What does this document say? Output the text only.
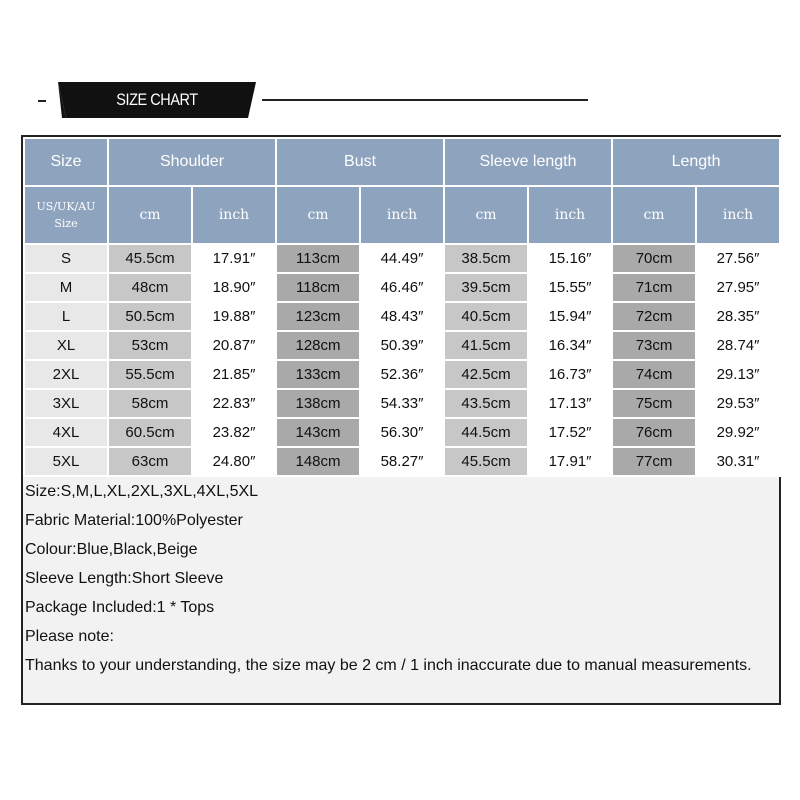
SIZE CHART
Size	Shoulder		Bust		Sleeve length		Length	

US/UK/AU
Size	cm	inch	cm	inch	cm	inch	cm	inch
S	45.5cm	17.91″	113cm	44.49″	38.5cm	15.16″	70cm	27.56″
M	48cm	18.90″	118cm	46.46″	39.5cm	15.55″	71cm	27.95″
L	50.5cm	19.88″	123cm	48.43″	40.5cm	15.94″	72cm	28.35″
XL	53cm	20.87″	128cm	50.39″	41.5cm	16.34″	73cm	28.74″
2XL	55.5cm	21.85″	133cm	52.36″	42.5cm	16.73″	74cm	29.13″
3XL	58cm	22.83″	138cm	54.33″	43.5cm	17.13″	75cm	29.53″
4XL	60.5cm	23.82″	143cm	56.30″	44.5cm	17.52″	76cm	29.92″
5XL	63cm	24.80″	148cm	58.27″	45.5cm	17.91″	77cm	30.31″
Size:S,M,L,XL,2XL,3XL,4XL,5XL
Fabric Material:100%Polyester
Colour:Blue,Black,Beige
Sleeve Length:Short Sleeve
Package Included:1 * Tops
Please note:
Thanks to your understanding, the size may be 2 cm / 1 inch inaccurate due to manual measurements.
